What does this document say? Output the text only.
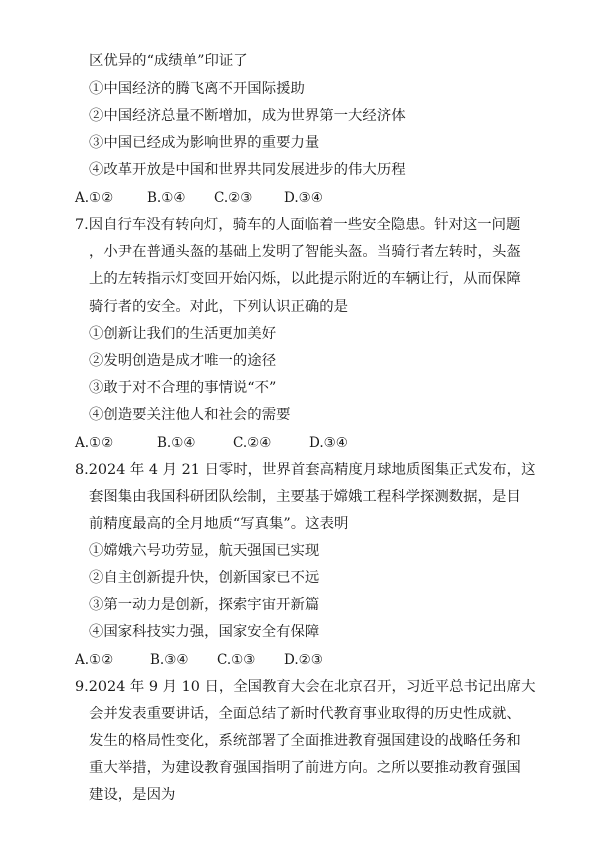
区优异的“成绩单”印证了
①中国经济的腾飞离不开国际援助
②中国经济总量不断增加，成为世界第一大经济体
③中国已经成为影响世界的重要力量
④改革开放是中国和世界共同发展进步的伟大历程
A.①②	B.①④ C.②③ D.③④
7.因自行车没有转向灯，骑车的人面临着一些安全隐患。针对这一问题
，小尹在普通头盔的基础上发明了智能头盔。当骑行者左转时，头盔
上的左转指示灯变回开始闪烁，以此提示附近的车辆让行，从而保障
骑行者的安全。对此，下列认识正确的是
①创新让我们的生活更加美好
②发明创造是成才唯一的途径
③敢于对不合理的事情说“不”
④创造要关注他人和社会的需要
A.①②	B.①④	C.②④	D.③④
8.2024 年 4 月 21 日零时，世界首套高精度月球地质图集正式发布，这
套图集由我国科研团队绘制，主要基于嫦娥工程科学探测数据，是目
前精度最高的全月地质“写真集”。这表明
①嫦娥六号功劳显，航天强国已实现
②自主创新提升快，创新国家已不远
③第一动力是创新，探索宇宙开新篇
④国家科技实力强，国家安全有保障
A.①②	B.③④ C.①③ D.②③
9.2024 年 9 月 10 日，全国教育大会在北京召开，习近平总书记出席大
会并发表重要讲话，全面总结了新时代教育事业取得的历史性成就、
发生的格局性变化，系统部署了全面推进教育强国建设的战略任务和
重大举措，为建设教育强国指明了前进方向。之所以要推动教育强国
建设，是因为
